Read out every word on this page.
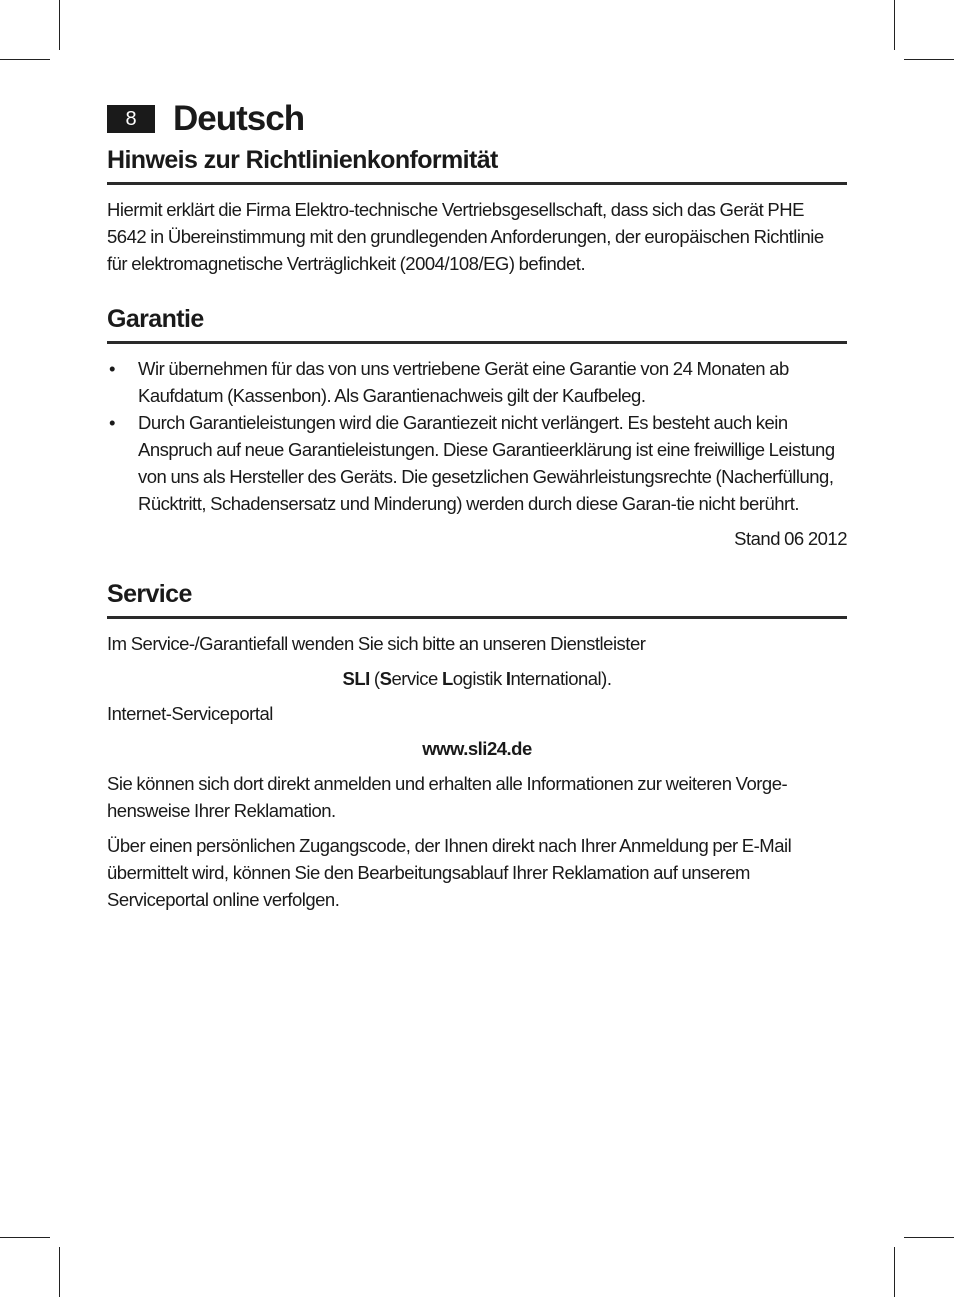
8	Deutsch
Hinweis zur Richtlinienkonformität

Hiermit erklärt die Firma Elektro-technische Vertriebsgesellschaft, dass sich das Gerät PHE 5642 in Übereinstimmung mit den grundlegenden Anforderungen, der europäischen Richtlinie für elektromagnetische Verträglichkeit (2004/108/EG) befindet.

Garantie
• Wir übernehmen für das von uns vertriebene Gerät eine Garantie von 24 Monaten ab Kaufdatum (Kassenbon). Als Garantienachweis gilt der Kaufbeleg.
• Durch Garantieleistungen wird die Garantiezeit nicht verlängert. Es besteht auch kein Anspruch auf neue Garantieleistungen. Diese Garantieerklärung ist eine freiwillige Leistung von uns als Hersteller des Geräts. Die gesetzlichen Gewährleistungsrechte (Nacherfüllung, Rücktritt, Schadensersatz und Minderung) werden durch diese Garan-tie nicht berührt.

Stand 06 2012

Service

Im Service-/Garantiefall wenden Sie sich bitte an unseren Dienstleister

SLI (Service Logistik International).

Internet-Serviceportal

www.sli24.de

Sie können sich dort direkt anmelden und erhalten alle Informationen zur weiteren Vorge-hensweise Ihrer Reklamation.

Über einen persönlichen Zugangscode, der Ihnen direkt nach Ihrer Anmeldung per E-Mail übermittelt wird, können Sie den Bearbeitungsablauf Ihrer Reklamation auf unserem Serviceportal online verfolgen.
